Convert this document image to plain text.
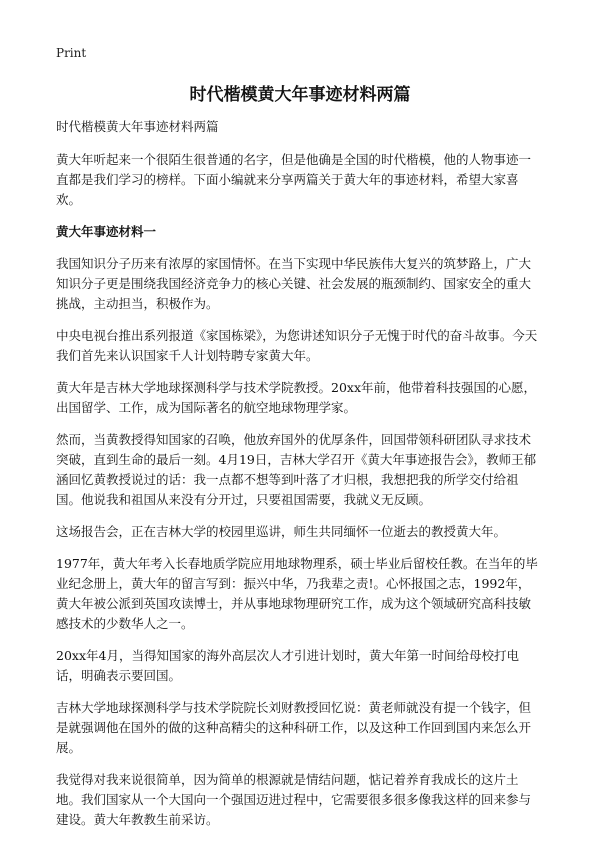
Print
时代楷模黄大年事迹材料两篇

时代楷模黄大年事迹材料两篇

黄大年听起来一个很陌生很普通的名字，但是他确是全国的时代楷模，他的人物事迹一直都是我们学习的榜样。下面小编就来分享两篇关于黄大年的事迹材料，希望大家喜欢。

黄大年事迹材料一

我国知识分子历来有浓厚的家国情怀。在当下实现中华民族伟大复兴的筑梦路上，广大知识分子更是围绕我国经济竞争力的核心关键、社会发展的瓶颈制约、国家安全的重大挑战，主动担当，积极作为。

中央电视台推出系列报道《家国栋梁》，为您讲述知识分子无愧于时代的奋斗故事。今天我们首先来认识国家千人计划特聘专家黄大年。

黄大年是吉林大学地球探测科学与技术学院教授。20xx年前，他带着科技强国的心愿，出国留学、工作，成为国际著名的航空地球物理学家。

然而，当黄教授得知国家的召唤，他放弃国外的优厚条件，回国带领科研团队寻求技术突破，直到生命的最后一刻。4月19日，吉林大学召开《黄大年事迹报告会》，教师王郁涵回忆黄教授说过的话：我一点都不想等到叶落了才归根，我想把我的所学交付给祖国。他说我和祖国从来没有分开过，只要祖国需要，我就义无反顾。

这场报告会，正在吉林大学的校园里巡讲，师生共同缅怀一位逝去的教授黄大年。

1977年，黄大年考入长春地质学院应用地球物理系，硕士毕业后留校任教。在当年的毕业纪念册上，黄大年的留言写到：振兴中华，乃我辈之责!。心怀报国之志，1992年，黄大年被公派到英国攻读博士，并从事地球物理研究工作，成为这个领域研究高科技敏感技术的少数华人之一。

20xx年4月，当得知国家的海外高层次人才引进计划时，黄大年第一时间给母校打电话，明确表示要回国。

吉林大学地球探测科学与技术学院院长刘财教授回忆说：黄老师就没有提一个钱字，但是就强调他在国外的做的这种高精尖的这种科研工作，以及这种工作回到国内来怎么开展。

我觉得对我来说很简单，因为简单的根源就是情结问题，惦记着养育我成长的这片土地。我们国家从一个大国向一个强国迈进过程中，它需要很多很多像我这样的回来参与建设。黄大年教教生前采访。
